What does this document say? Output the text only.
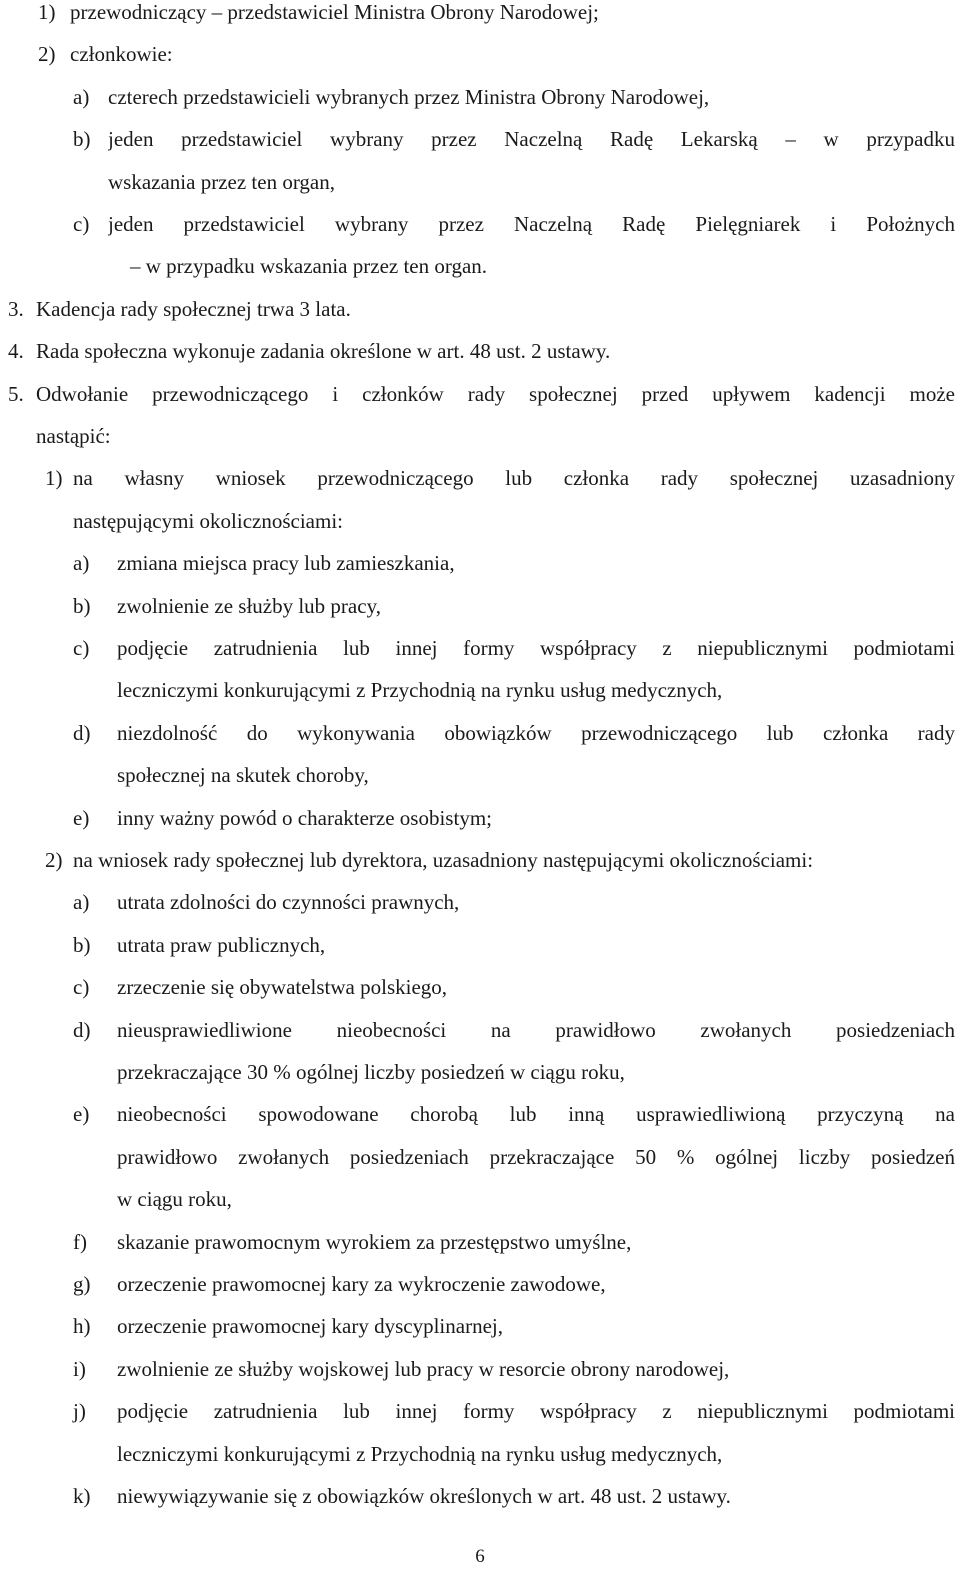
1) przewodniczący – przedstawiciel Ministra Obrony Narodowej;
2) członkowie:
a) czterech przedstawicieli wybranych przez Ministra Obrony Narodowej,
b) jeden przedstawiciel wybrany przez Naczelną Radę Lekarską – w przypadku
wskazania przez ten organ,
c) jeden przedstawiciel wybrany przez Naczelną Radę Pielęgniarek i Położnych
– w przypadku wskazania przez ten organ.
3. Kadencja rady społecznej trwa 3 lata.
4. Rada społeczna wykonuje zadania określone w art. 48 ust. 2 ustawy.
5. Odwołanie przewodniczącego i członków rady społecznej przed upływem kadencji może
nastąpić:
1) na własny wniosek przewodniczącego lub członka rady społecznej uzasadniony
następującymi okolicznościami:
a) zmiana miejsca pracy lub zamieszkania,
b) zwolnienie ze służby lub pracy,
c) podjęcie zatrudnienia lub innej formy współpracy z niepublicznymi podmiotami
leczniczymi konkurującymi z Przychodnią na rynku usług medycznych,
d) niezdolność do wykonywania obowiązków przewodniczącego lub członka rady
społecznej na skutek choroby,
e) inny ważny powód o charakterze osobistym;
2) na wniosek rady społecznej lub dyrektora, uzasadniony następującymi okolicznościami:
a) utrata zdolności do czynności prawnych,
b) utrata praw publicznych,
c) zrzeczenie się obywatelstwa polskiego,
d) nieusprawiedliwione nieobecności na prawidłowo zwołanych posiedzeniach
przekraczające 30 % ogólnej liczby posiedzeń w ciągu roku,
e) nieobecności spowodowane chorobą lub inną usprawiedliwioną przyczyną na
prawidłowo zwołanych posiedzeniach przekraczające 50 % ogólnej liczby posiedzeń
w ciągu roku,
f) skazanie prawomocnym wyrokiem za przestępstwo umyślne,
g) orzeczenie prawomocnej kary za wykroczenie zawodowe,
h) orzeczenie prawomocnej kary dyscyplinarnej,
i) zwolnienie ze służby wojskowej lub pracy w resorcie obrony narodowej,
j) podjęcie zatrudnienia lub innej formy współpracy z niepublicznymi podmiotami
leczniczymi konkurującymi z Przychodnią na rynku usług medycznych,
k) niewywiązywanie się z obowiązków określonych w art. 48 ust. 2 ustawy.
6
